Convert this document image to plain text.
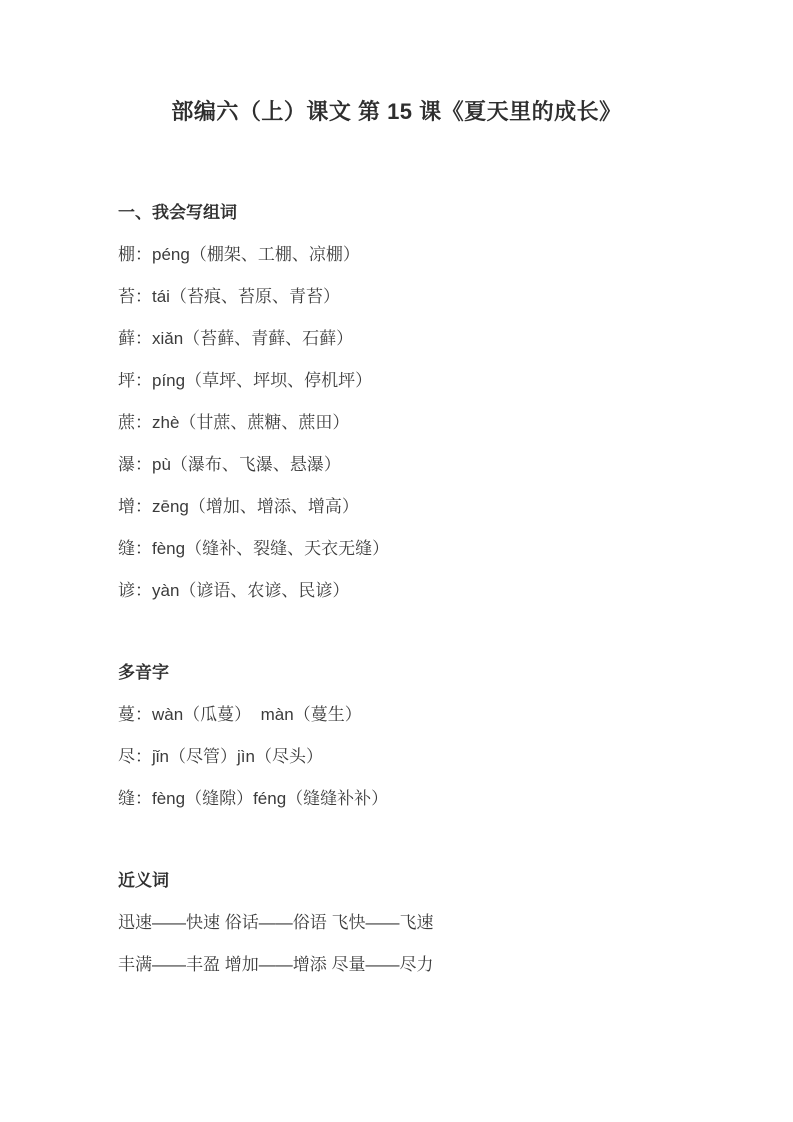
部编六（上）课文 第 15 课《夏天里的成长》
一、我会写组词

棚：péng（棚架、工棚、凉棚）

苔：tái（苔痕、苔原、青苔）

藓：xiǎn（苔藓、青藓、石藓）

坪：píng（草坪、坪坝、停机坪）

蔗：zhè（甘蔗、蔗糖、蔗田）

瀑：pù（瀑布、飞瀑、悬瀑）

增：zēng（增加、增添、增高）

缝：fèng（缝补、裂缝、天衣无缝）

谚：yàn（谚语、农谚、民谚）

多音字

蔓：wàn（瓜蔓）  màn（蔓生）

尽：jǐn（尽管）jìn（尽头）

缝：fèng（缝隙）féng（缝缝补补）

近义词

迅速——快速 俗话——俗语 飞快——飞速

丰满——丰盈 增加——增添 尽量——尽力
